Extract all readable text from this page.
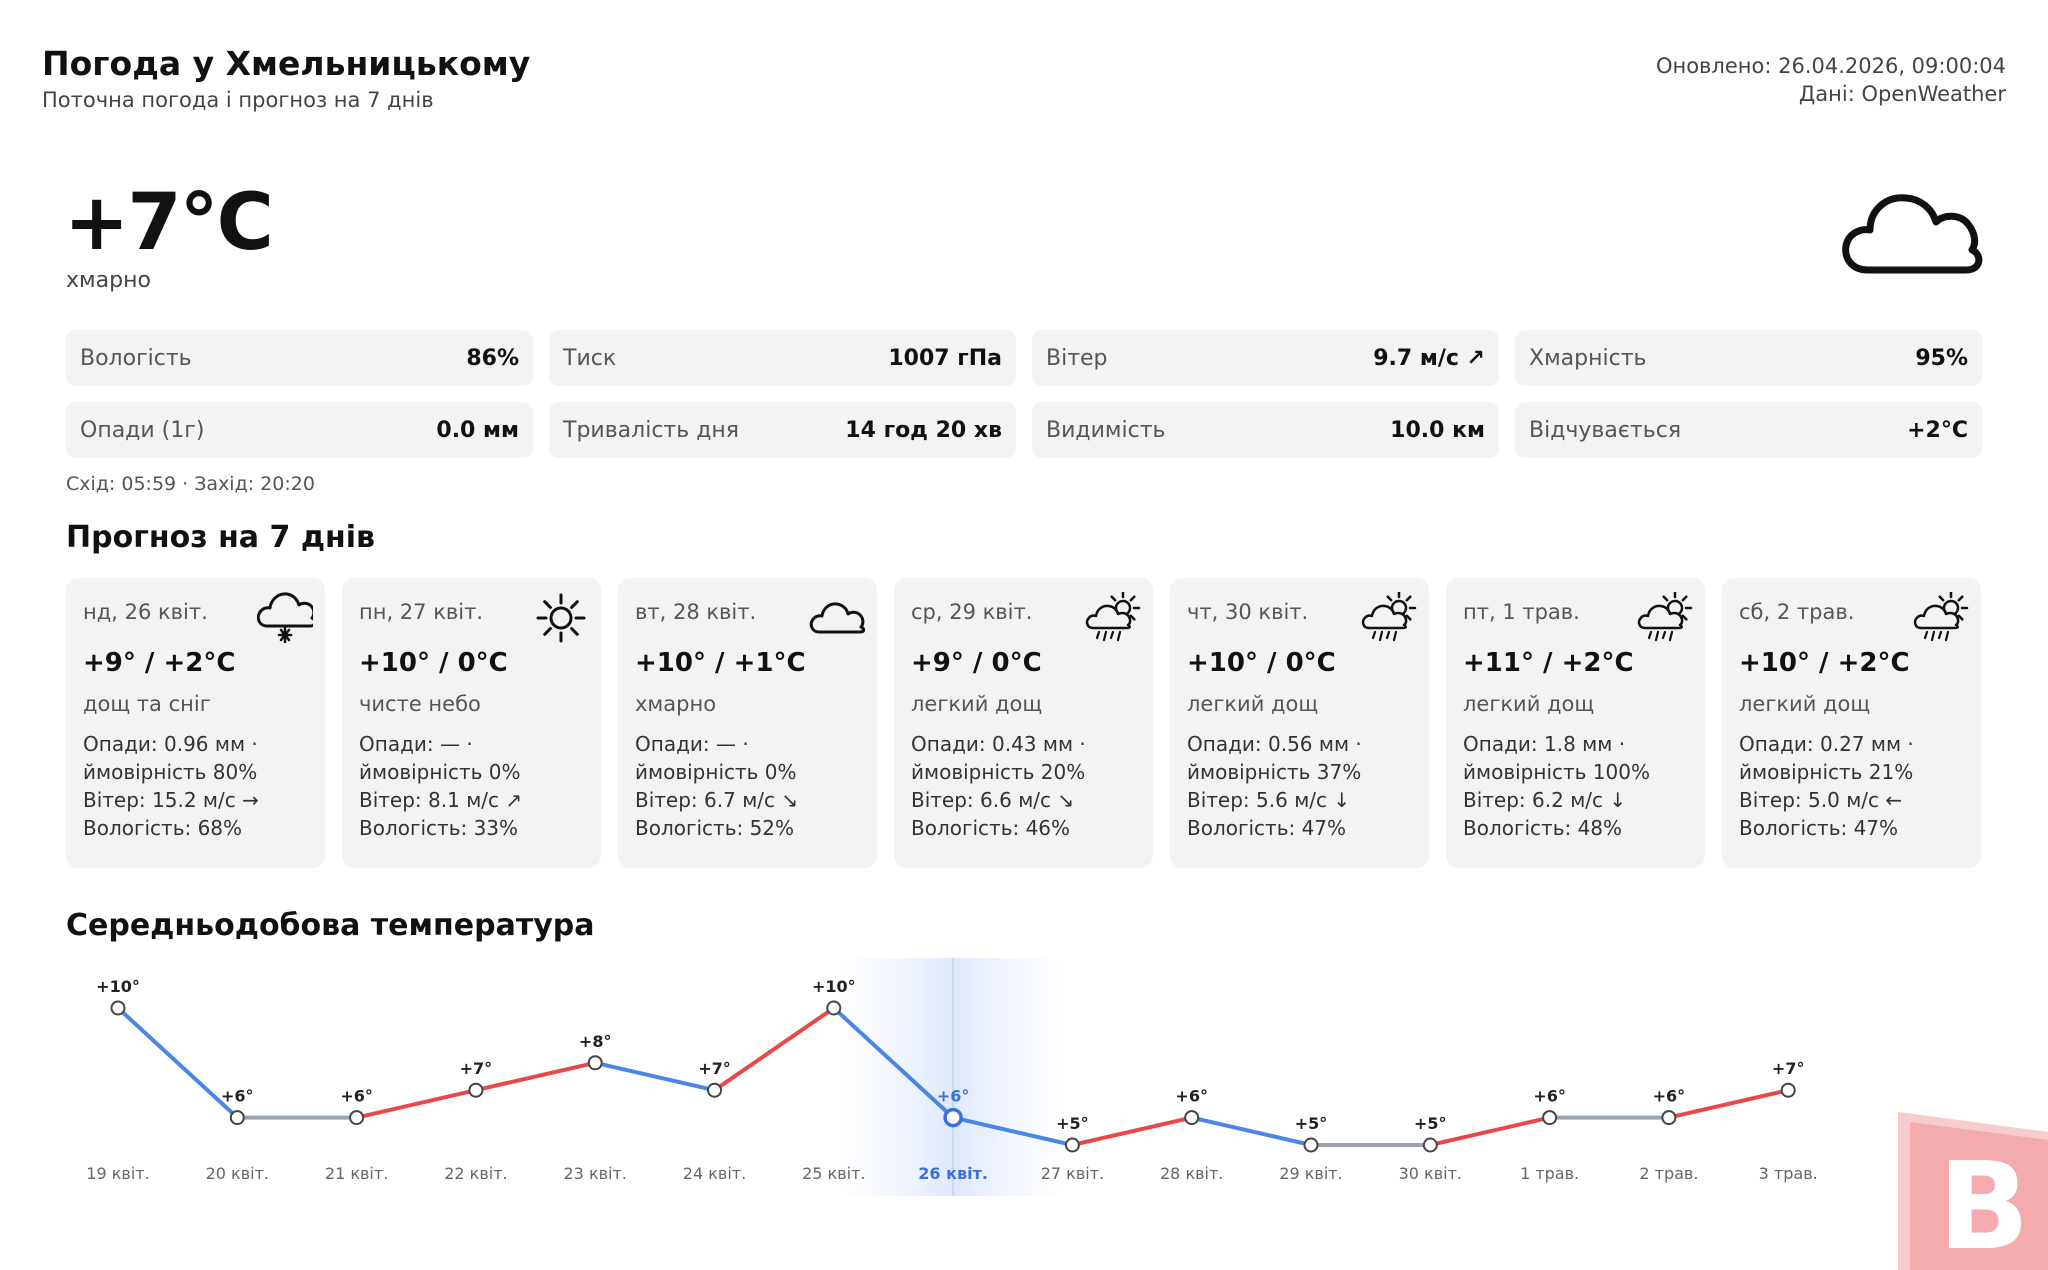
Погода у Хмельницькому
Поточна погода і прогноз на 7 днів
Оновлено: 26.04.2026, 09:00:04
Дані: OpenWeather
+7°C
хмарно
Вологість	86% Тиск	1007 гПа Вітер	9.7 м/с ↗ Хмарність	95%
Опади (1г)	0.0 мм Тривалість дня	14 год 20 хв Видимість	10.0 км Відчувається	+2°C
Схід: 05:59 · Захід: 20:20
Прогноз на 7 днів
нд, 26 квіт.
+9° / +2°C
дощ та сніг
Опади: 0.96 мм ·
ймовірність 80%
Вітер: 15.2 м/с →
Вологість: 68%
пн, 27 квіт.
+10° / 0°C
чисте небо
Опади: — ·
ймовірність 0%
Вітер: 8.1 м/с ↗
Вологість: 33%
вт, 28 квіт.
+10° / +1°C
хмарно
Опади: — ·
ймовірність 0%
Вітер: 6.7 м/с ↘
Вологість: 52%
ср, 29 квіт.
+9° / 0°C
легкий дощ
Опади: 0.43 мм ·
ймовірність 20%
Вітер: 6.6 м/с ↘
Вологість: 46%
чт, 30 квіт.
+10° / 0°C
легкий дощ
Опади: 0.56 мм ·
ймовірність 37%
Вітер: 5.6 м/с ↓
Вологість: 47%
пт, 1 трав.
+11° / +2°C
легкий дощ
Опади: 1.8 мм ·
ймовірність 100%
Вітер: 6.2 м/с ↓
Вологість: 48%
сб, 2 трав.
+10° / +2°C
легкий дощ
Опади: 0.27 мм ·
ймовірність 21%
Вітер: 5.0 м/с ←
Вологість: 47%
Середньодобова температура
+10°
19 квіт.
+6°
20 квіт.
+6°
21 квіт.
+7°
22 квіт.
+8°
23 квіт.
+7°
24 квіт.
+10°
25 квіт.
+6°
26 квіт.
+5°
27 квіт.
+6°
28 квіт.
+5°
29 квіт.
+5°
30 квіт.
+6°
1 трав.
+6°
2 трав.
+7°
3 трав. B
